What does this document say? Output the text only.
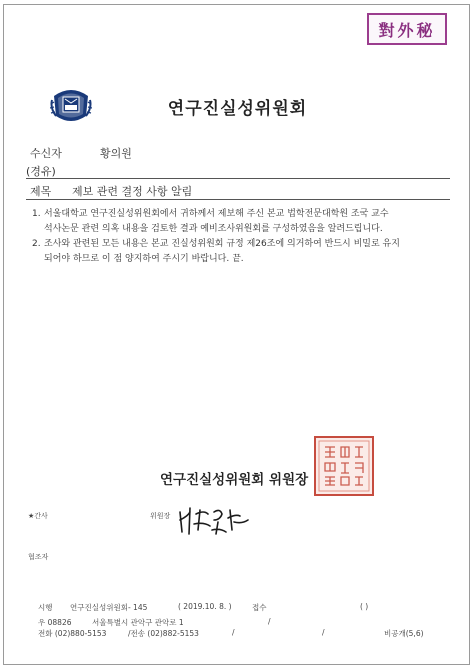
對外秘
연구진실성위원회
수신자	황의원
(경유)
제목 제보 관련 결정 사항 알림
1. 서울대학교 연구진실성위원회에서 귀하께서 제보해 주신 본교 법학전문대학원 조국 교수
석사논문 관련 의혹 내용을 검토한 결과 예비조사위원회를 구성하였음을 알려드립니다.
2. 조사와 관련된 모든 내용은 본교 진실성위원회 규정 제26조에 의거하여 반드시 비밀로 유지
되어야 하므로 이 점 양지하여 주시기 바랍니다. 끝.
연구진실성위원회 위원장
★간사	위원장
협조자
시행 연구진실성위원회- 145	( 2019.10. 8. )	접수	( )
우 08826	서울특별시 관악구 관악로 1	/
전화 (02)880-5153	/전송 (02)882-5153	/	/	비공개(5,6)
